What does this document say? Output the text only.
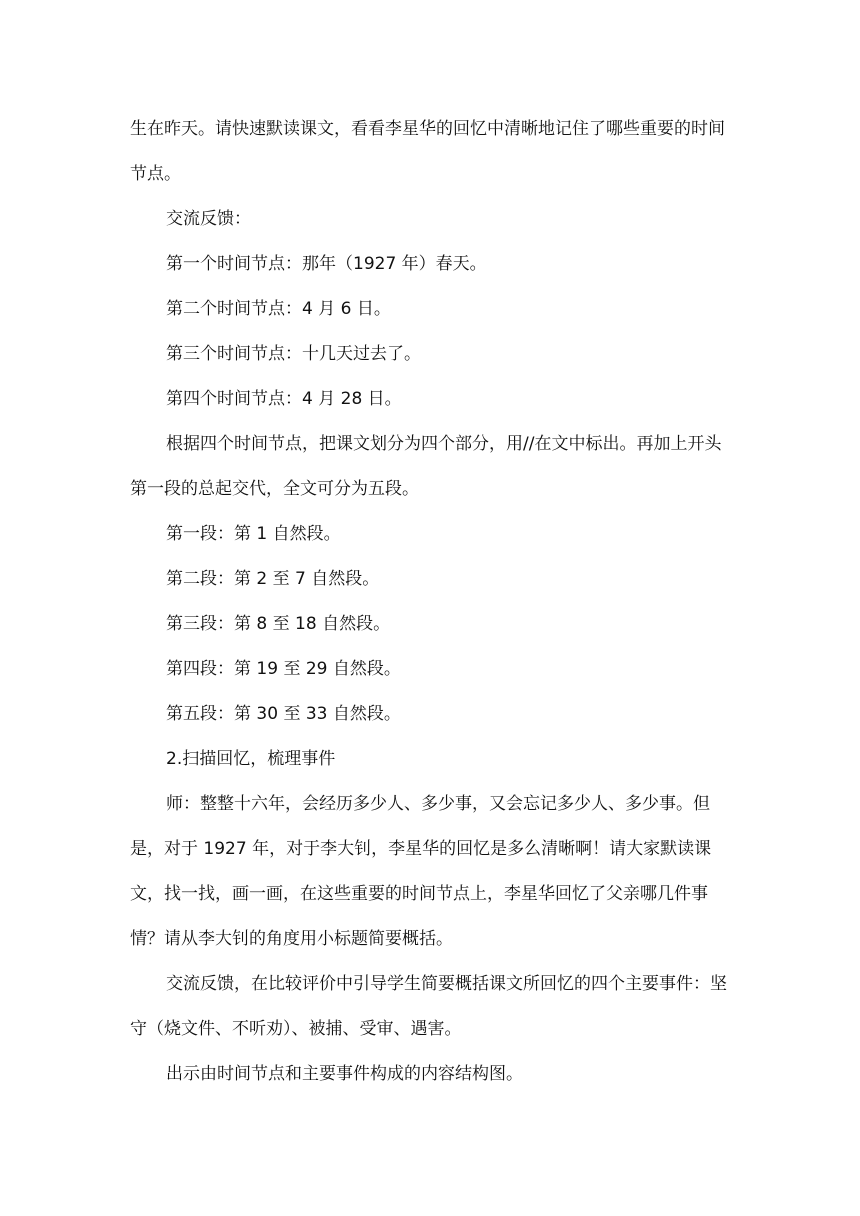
生在昨天。请快速默读课文，看看李星华的回忆中清晰地记住了哪些重要的时间节点。

交流反馈：

第一个时间节点：那年（1927 年）春天。

第二个时间节点：4 月 6 日。

第三个时间节点：十几天过去了。

第四个时间节点：4 月 28 日。

根据四个时间节点，把课文划分为四个部分，用//在文中标出。再加上开头第一段的总起交代，全文可分为五段。

第一段：第 1 自然段。

第二段：第 2 至 7 自然段。

第三段：第 8 至 18 自然段。

第四段：第 19 至 29 自然段。

第五段：第 30 至 33 自然段。

2.扫描回忆，梳理事件

师：整整十六年，会经历多少人、多少事，又会忘记多少人、多少事。但是，对于 1927 年，对于李大钊，李星华的回忆是多么清晰啊！请大家默读课文，找一找，画一画，在这些重要的时间节点上，李星华回忆了父亲哪几件事情？请从李大钊的角度用小标题简要概括。

交流反馈，在比较评价中引导学生简要概括课文所回忆的四个主要事件：坚守（烧文件、不听劝）、被捕、受审、遇害。

出示由时间节点和主要事件构成的内容结构图。
